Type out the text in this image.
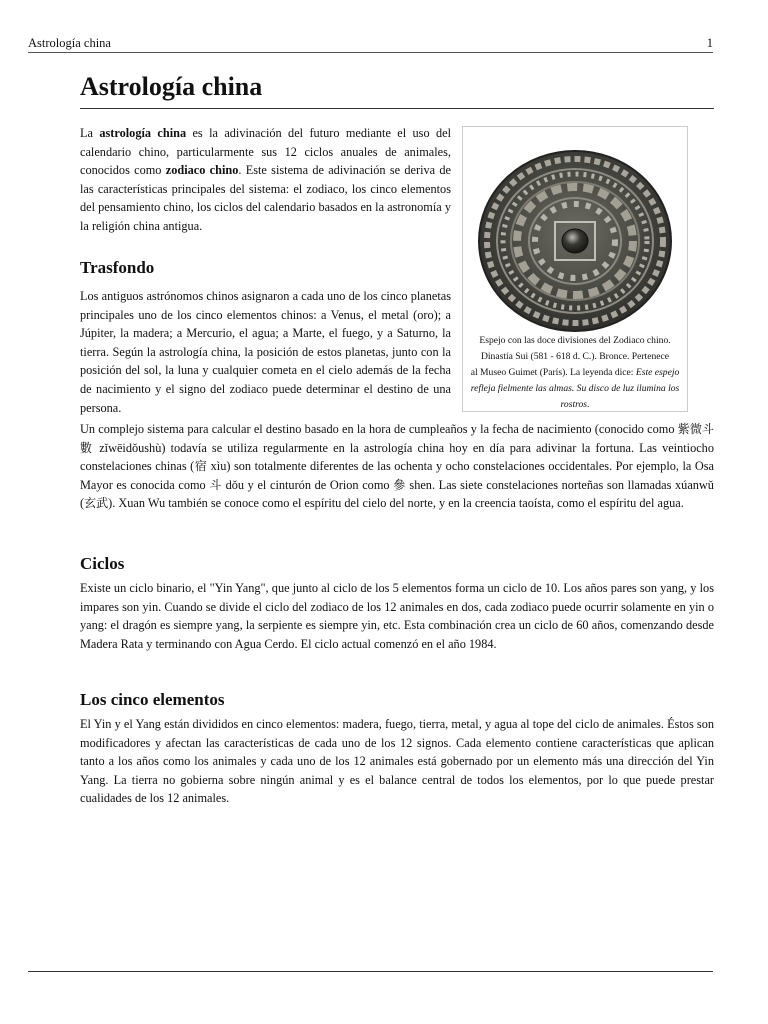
Astrología china	1
Astrología china

La astrología china es la adivinación del futuro mediante el uso del calendario chino, particularmente sus 12 ciclos anuales de animales, conocidos como zodiaco chino. Este sistema de adivinación se deriva de las características principales del sistema: el zodiaco, los cinco elementos del pensamiento chino, los ciclos del calendario basados en la astronomía y la religión china antigua.

Espejo con las doce divisiones del Zodiaco chino.
Dinastía Sui (581 - 618 d. C.). Bronce. Pertenece
al Museo Guimet (París). La leyenda dice: Este espejo refleja fielmente las almas. Su disco de luz ilumina los rostros.
Trasfondo

Los antiguos astrónomos chinos asignaron a cada uno de los cinco planetas principales uno de los cinco elementos chinos: a Venus, el metal (oro); a Júpiter, la madera; a Mercurio, el agua; a Marte, el fuego, y a Saturno, la tierra. Según la astrología china, la posición de estos planetas, junto con la posición del sol, la luna y cualquier cometa en el cielo además de la fecha de nacimiento y el signo del zodiaco puede determinar el destino de una persona.

Un complejo sistema para calcular el destino basado en la hora de cumpleaños y la fecha de nacimiento (conocido como 紫微斗數 zǐwēidǒushù) todavía se utiliza regularmente en la astrología china hoy en día para adivinar la fortuna. Las veintiocho constelaciones chinas (宿 xìu) son totalmente diferentes de las ochenta y ocho constelaciones occidentales. Por ejemplo, la Osa Mayor es conocida como 斗 dǒu y el cinturón de Orion como 參 shen. Las siete constelaciones norteñas son llamadas xúanwǔ (玄武). Xuan Wu también se conoce como el espíritu del cielo del norte, y en la creencia taoísta, como el espíritu del agua.

Ciclos

Existe un ciclo binario, el "Yin Yang", que junto al ciclo de los 5 elementos forma un ciclo de 10. Los años pares son yang, y los impares son yin. Cuando se divide el ciclo del zodiaco de los 12 animales en dos, cada zodiaco puede ocurrir solamente en yin o yang: el dragón es siempre yang, la serpiente es siempre yin, etc. Esta combinación crea un ciclo de 60 años, comenzando desde Madera Rata y terminando con Agua Cerdo. El ciclo actual comenzó en el año 1984.

Los cinco elementos

El Yin y el Yang están divididos en cinco elementos: madera, fuego, tierra, metal, y agua al tope del ciclo de animales. Éstos son modificadores y afectan las características de cada uno de los 12 signos. Cada elemento contiene características que aplican tanto a los años como los animales y cada uno de los 12 animales está gobernado por un elemento más una dirección del Yin Yang. La tierra no gobierna sobre ningún animal y es el balance central de todos los elementos, por lo que puede prestar cualidades de los 12 animales.
